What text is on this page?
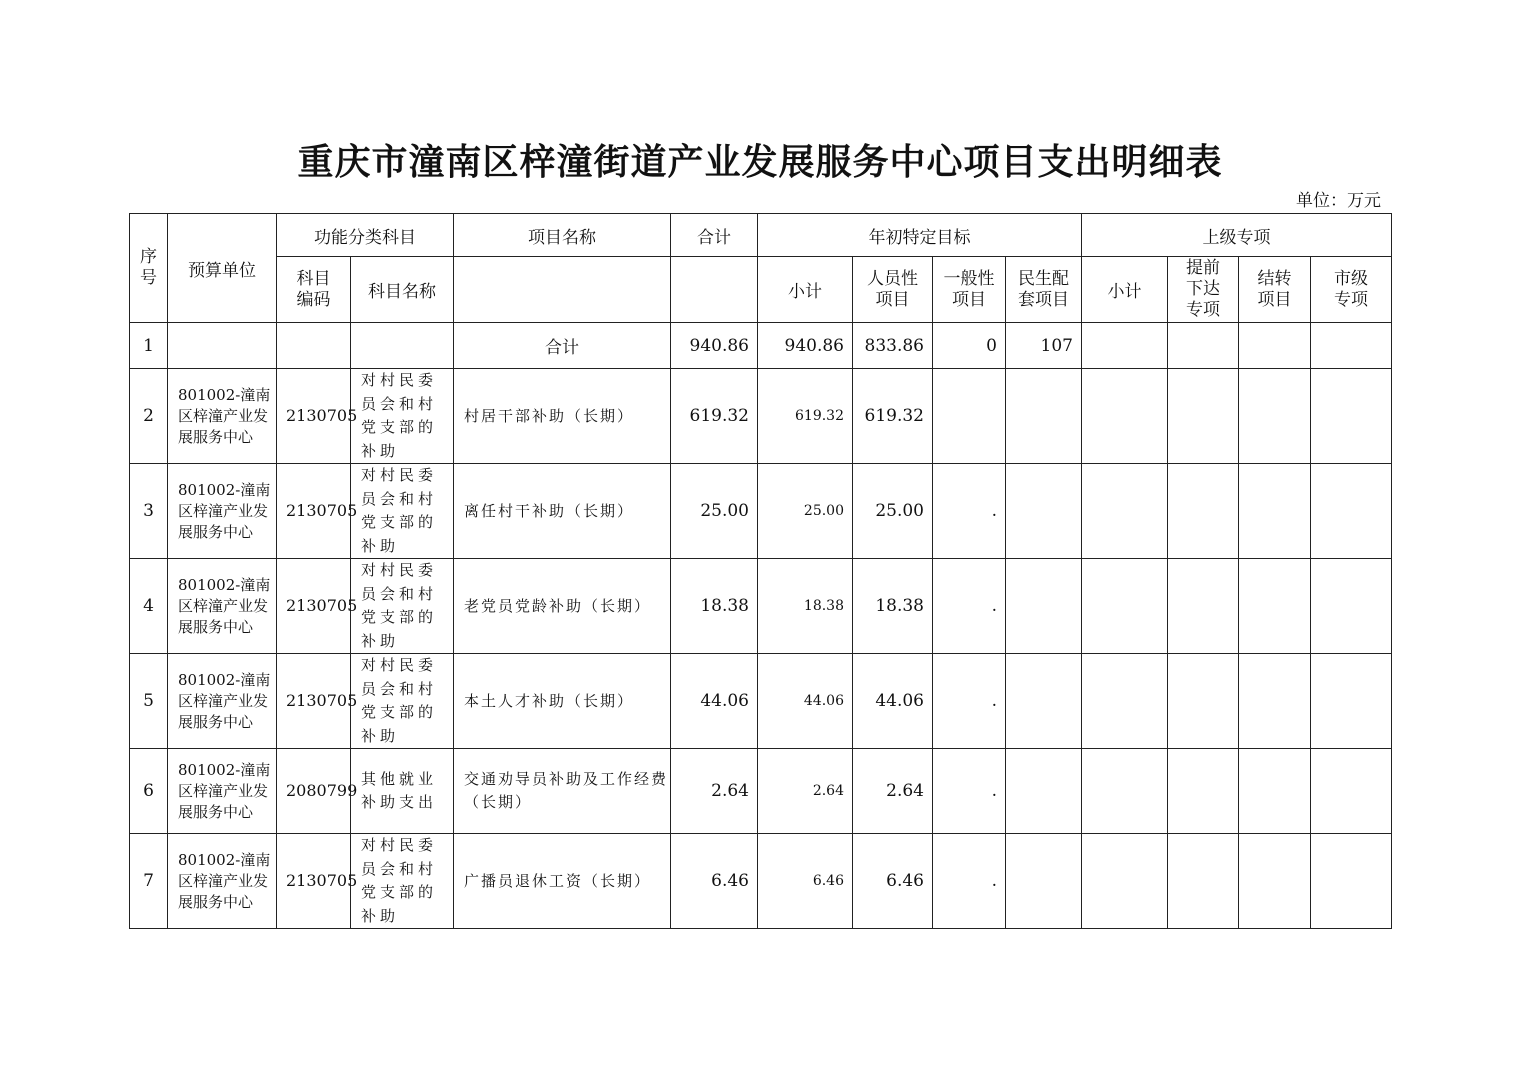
重庆市潼南区梓潼街道产业发展服务中心项目支出明细表
单位：万元
序号	预算单位	功能分类科目		项目名称	合计	年初特定目标				上级专项			
		科目编码	科目名称			小计	人员性项目	一般性项目	民生配套项目	小计	提前下达专项	结转项目	市级专项
1				合计	940.86	940.86	833.86	0	107				
2	801002-潼南区梓潼产业发展服务中心	2130705	对村民委员会和村党支部的补助	村居干部补助（长期）	619.32	619.32	619.32						
3	801002-潼南区梓潼产业发展服务中心	2130705	对村民委员会和村党支部的补助	离任村干补助（长期）	25.00	25.00	25.00	.					
4	801002-潼南区梓潼产业发展服务中心	2130705	对村民委员会和村党支部的补助	老党员党龄补助（长期）	18.38	18.38	18.38	.					
5	801002-潼南区梓潼产业发展服务中心	2130705	对村民委员会和村党支部的补助	本土人才补助（长期）	44.06	44.06	44.06	.					
6	801002-潼南区梓潼产业发展服务中心	2080799	其他就业补助支出	交通劝导员补助及工作经费（长期）	2.64	2.64	2.64	.					
7	801002-潼南区梓潼产业发展服务中心	2130705	对村民委员会和村党支部的补助	广播员退休工资（长期）	6.46	6.46	6.46	.					
